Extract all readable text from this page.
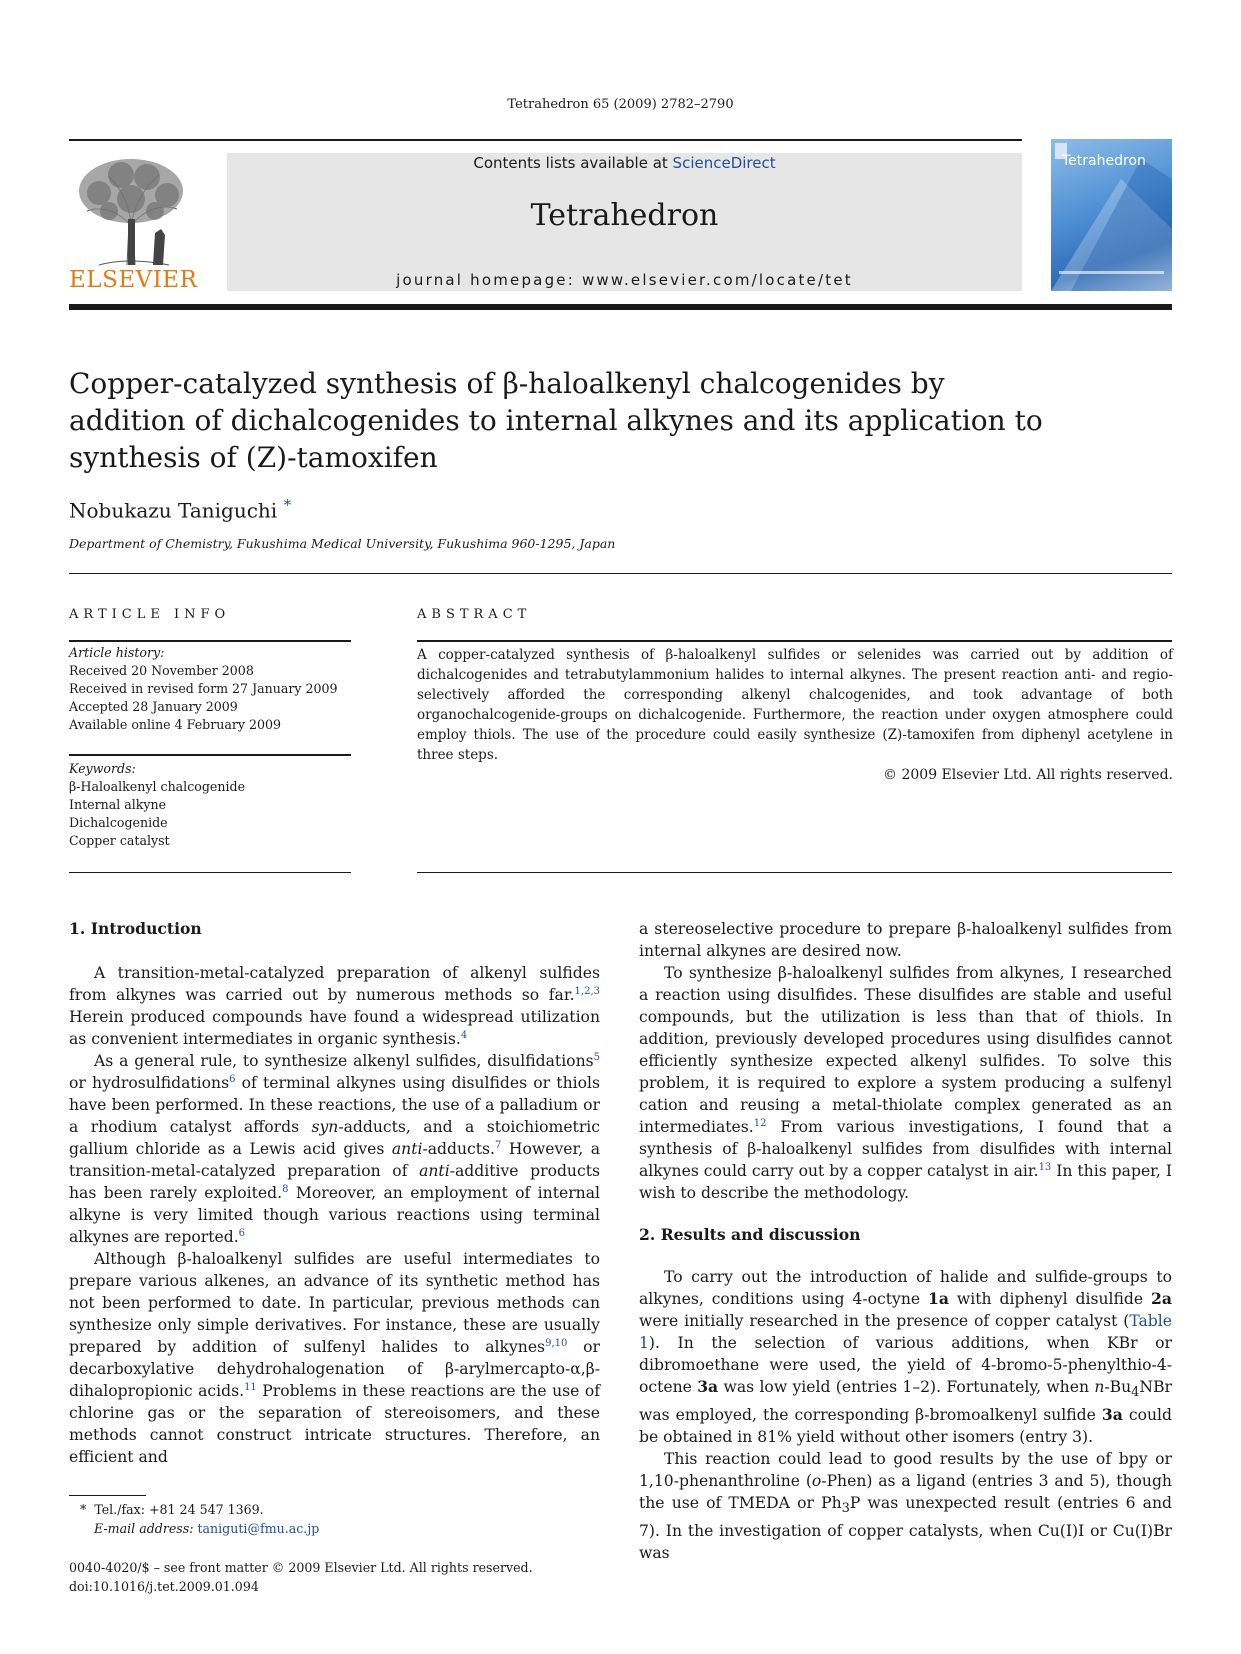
Tetrahedron 65 (2009) 2782–2790
ELSEVIER
Contents lists available at ScienceDirect
Tetrahedron
journal homepage: www.elsevier.com/locate/tet
Tetrahedron
Copper-catalyzed synthesis of β-haloalkenyl chalcogenides by addition of dichalcogenides to internal alkynes and its application to synthesis of (Z)-tamoxifen
Nobukazu Taniguchi *
Department of Chemistry, Fukushima Medical University, Fukushima 960-1295, Japan
ARTICLE INFO	ABSTRACT
Article history:
Received 20 November 2008
Received in revised form 27 January 2009
Accepted 28 January 2009
Available online 4 February 2009
Keywords:
β-Haloalkenyl chalcogenide
Internal alkyne
Dichalcogenide
Copper catalyst
A copper-catalyzed synthesis of β-haloalkenyl sulfides or selenides was carried out by addition of dichalcogenides and tetrabutylammonium halides to internal alkynes. The present reaction anti- and regio-selectively afforded the corresponding alkenyl chalcogenides, and took advantage of both organochalcogenide-groups on dichalcogenide. Furthermore, the reaction under oxygen atmosphere could employ thiols. The use of the procedure could easily synthesize (Z)-tamoxifen from diphenyl acetylene in three steps.
© 2009 Elsevier Ltd. All rights reserved.
1. Introduction

A transition-metal-catalyzed preparation of alkenyl sulfides from alkynes was carried out by numerous methods so far.$^{1,2,3}$ Herein produced compounds have found a widespread utilization as convenient intermediates in organic synthesis.$^4$

As a general rule, to synthesize alkenyl sulfides, disulfidations$^5$ or hydrosulfidations$^6$ of terminal alkynes using disulfides or thiols have been performed. In these reactions, the use of a palladium or a rhodium catalyst affords syn-adducts, and a stoichiometric gallium chloride as a Lewis acid gives anti-adducts.$^7$ However, a transition-metal-catalyzed preparation of anti-additive products has been rarely exploited.$^8$ Moreover, an employment of internal alkyne is very limited though various reactions using terminal alkynes are reported.$^6$

Although β-haloalkenyl sulfides are useful intermediates to prepare various alkenes, an advance of its synthetic method has not been performed to date. In particular, previous methods can synthesize only simple derivatives. For instance, these are usually prepared by addition of sulfenyl halides to alkynes$^{9,10}$ or decarboxylative dehydrohalogenation of β-arylmercapto-α,β-dihalopropionic acids.$^{11}$ Problems in these reactions are the use of chlorine gas or the separation of stereoisomers, and these methods cannot construct intricate structures. Therefore, an efficient and

a stereoselective procedure to prepare β-haloalkenyl sulfides from internal alkynes are desired now.

To synthesize β-haloalkenyl sulfides from alkynes, I researched a reaction using disulfides. These disulfides are stable and useful compounds, but the utilization is less than that of thiols. In addition, previously developed procedures using disulfides cannot efficiently synthesize expected alkenyl sulfides. To solve this problem, it is required to explore a system producing a sulfenyl cation and reusing a metal-thiolate complex generated as an intermediates.$^{12}$ From various investigations, I found that a synthesis of β-haloalkenyl sulfides from disulfides with internal alkynes could carry out by a copper catalyst in air.$^{13}$ In this paper, I wish to describe the methodology.

2. Results and discussion

To carry out the introduction of halide and sulfide-groups to alkynes, conditions using 4-octyne 1a with diphenyl disulfide 2a were initially researched in the presence of copper catalyst (Table 1). In the selection of various additions, when KBr or dibromoethane were used, the yield of 4-bromo-5-phenylthio-4-octene 3a was low yield (entries 1–2). Fortunately, when $n-Bu_4NBr$ was employed, the corresponding β-bromoalkenyl sulfide 3a could be obtained in 81% yield without other isomers (entry 3).

This reaction could lead to good results by the use of bpy or 1,10-phenanthroline (o-Phen) as a ligand (entries 3 and 5), though the use of TMEDA or $Ph_3P$ was unexpected result (entries 6 and 7). In the investigation of copper catalysts, when Cu(I)I or Cu(I)Br was

* Tel./fax: +81 24 547 1369.
E-mail address: taniguti@fmu.ac.jp
0040-4020/$ – see front matter © 2009 Elsevier Ltd. All rights reserved.
doi:10.1016/j.tet.2009.01.094
